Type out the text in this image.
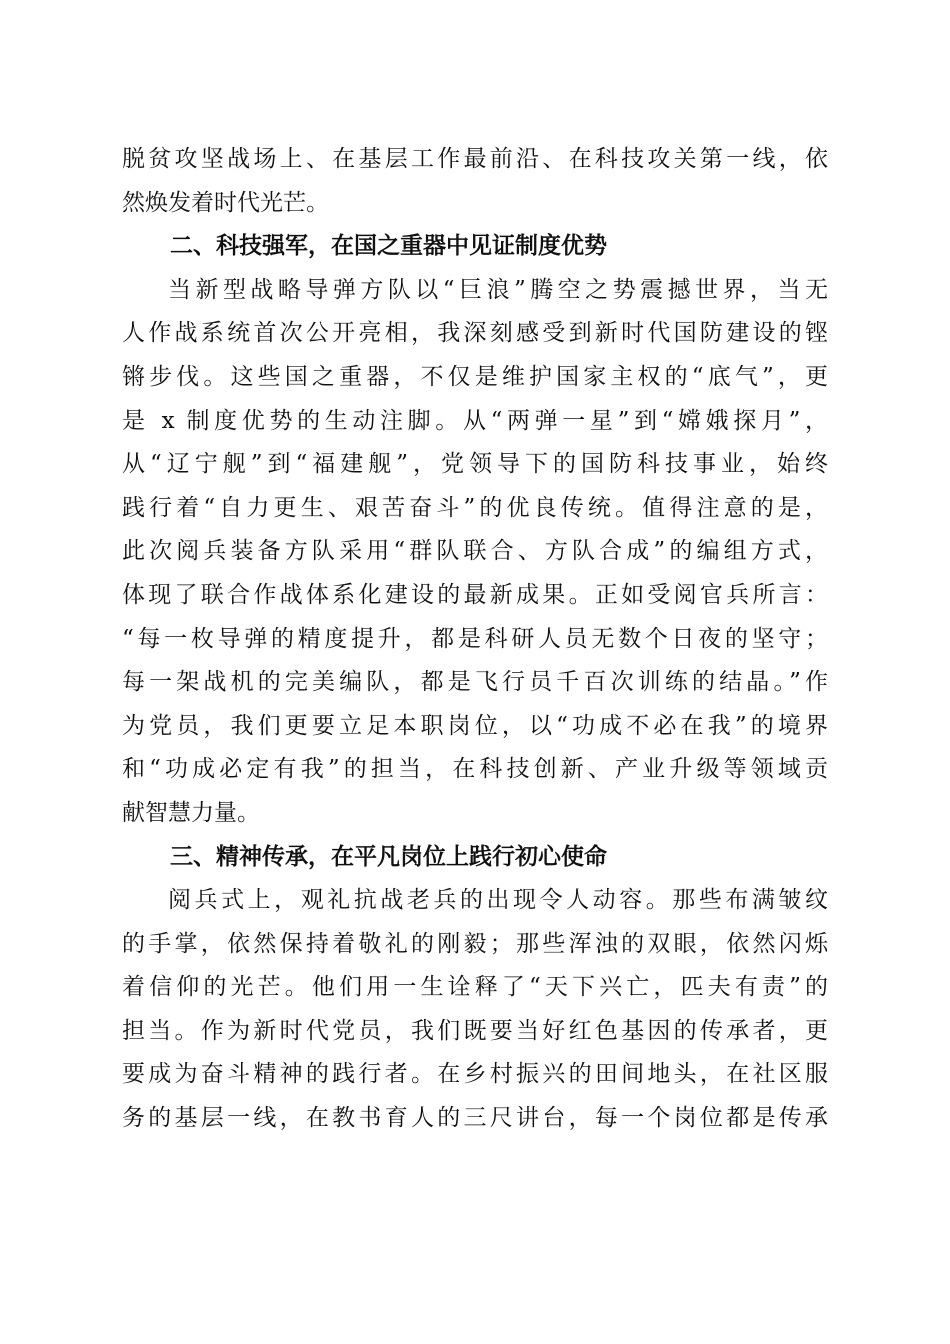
脱贫攻坚战场上、在基层工作最前沿、在科技攻关第一线，依
然焕发着时代光芒。
二、科技强军，在国之重器中见证制度优势
当新型战略导弹方队以“巨浪”腾空之势震撼世界，当无
人作战系统首次公开亮相，我深刻感受到新时代国防建设的铿
锵步伐。这些国之重器，不仅是维护国家主权的“底气”，更
是 x 制度优势的生动注脚。从“两弹一星”到“嫦娥探月”，
从“辽宁舰”到“福建舰”，党领导下的国防科技事业，始终
践行着“自力更生、艰苦奋斗”的优良传统。值得注意的是，
此次阅兵装备方队采用“群队联合、方队合成”的编组方式，
体现了联合作战体系化建设的最新成果。正如受阅官兵所言：
“每一枚导弹的精度提升，都是科研人员无数个日夜的坚守；
每一架战机的完美编队，都是飞行员千百次训练的结晶。”作
为党员，我们更要立足本职岗位，以“功成不必在我”的境界
和“功成必定有我”的担当，在科技创新、产业升级等领域贡
献智慧力量。
三、精神传承，在平凡岗位上践行初心使命
阅兵式上，观礼抗战老兵的出现令人动容。那些布满皱纹
的手掌，依然保持着敬礼的刚毅；那些浑浊的双眼，依然闪烁
着信仰的光芒。他们用一生诠释了“天下兴亡，匹夫有责”的
担当。作为新时代党员，我们既要当好红色基因的传承者，更
要成为奋斗精神的践行者。在乡村振兴的田间地头，在社区服
务的基层一线，在教书育人的三尺讲台，每一个岗位都是传承
